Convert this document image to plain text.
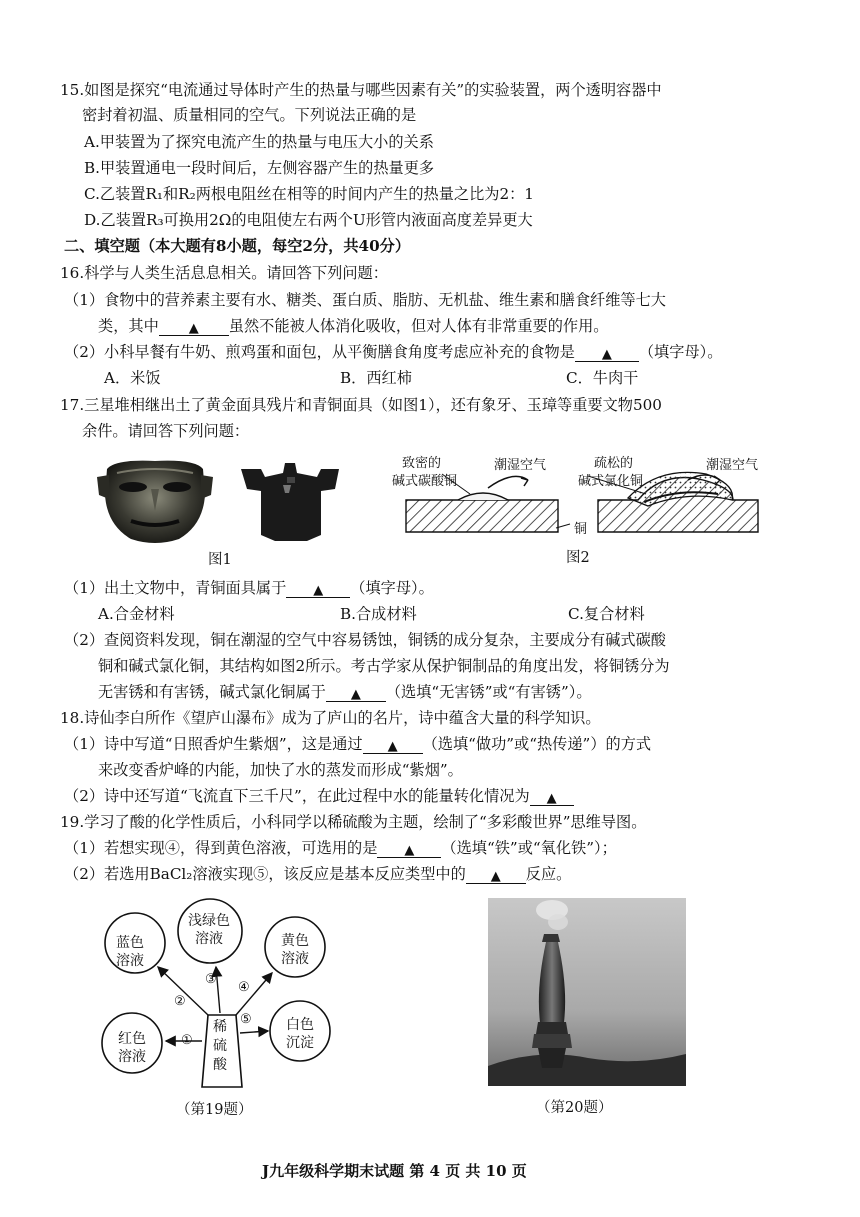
15.如图是探究“电流通过导体时产生的热量与哪些因素有关”的实验装置，两个透明容器中
密封着初温、质量相同的空气。下列说法正确的是
A.甲装置为了探究电流产生的热量与电压大小的关系
B.甲装置通电一段时间后，左侧容器产生的热量更多
C.乙装置R₁和R₂两根电阻丝在相等的时间内产生的热量之比为2：1
D.乙装置R₃可换用2Ω的电阻使左右两个U形管内液面高度差异更大
二、填空题（本大题有8小题，每空2分，共40分）
16.科学与人类生活息息相关。请回答下列问题：
（1）食物中的营养素主要有水、糖类、蛋白质、脂肪、无机盐、维生素和膳食纤维等七大
类，其中 ▲ 虽然不能被人体消化吸收，但对人体有非常重要的作用。
（2）小科早餐有牛奶、煎鸡蛋和面包，从平衡膳食角度考虑应补充的食物是 ▲ （填字母）。
A．米饭	B．西红柿	C．牛肉干
17.三星堆相继出土了黄金面具残片和青铜面具（如图1），还有象牙、玉璋等重要文物500
余件。请回答下列问题：
图1
致密的
碱式碳酸铜
潮湿空气	疏松的
碱式氯化铜
潮湿空气
铜
图2
（1）出土文物中，青铜面具属于 ▲ （填字母）。
A.合金材料	B.合成材料	C.复合材料
（2）查阅资料发现，铜在潮湿的空气中容易锈蚀，铜锈的成分复杂，主要成分有碱式碳酸
铜和碱式氯化铜，其结构如图2所示。考古学家从保护铜制品的角度出发，将铜锈分为
无害锈和有害锈，碱式氯化铜属于 ▲ （选填“无害锈”或“有害锈”）。
18.诗仙李白所作《望庐山瀑布》成为了庐山的名片，诗中蕴含大量的科学知识。
（1）诗中写道“日照香炉生紫烟”，这是通过 ▲ （选填“做功”或“热传递”）的方式
来改变香炉峰的内能，加快了水的蒸发而形成“紫烟”。
（2）诗中还写道“飞流直下三千尺”，在此过程中水的能量转化情况为 ▲
19.学习了酸的化学性质后，小科同学以稀硫酸为主题，绘制了“多彩酸世界”思维导图。
（1）若想实现④，得到黄色溶液，可选用的是 ▲ （选填“铁”或“氧化铁”）；
（2）若选用BaCl₂溶液实现⑤，该反应是基本反应类型中的 ▲ 反应。
蓝色溶液
浅绿色溶液	黄色溶液
红色溶液
白色沉淀
稀硫酸
①
②
③
④
⑤
（第19题）	（第20题）
J九年级科学期末试题 第 4 页 共 10 页
